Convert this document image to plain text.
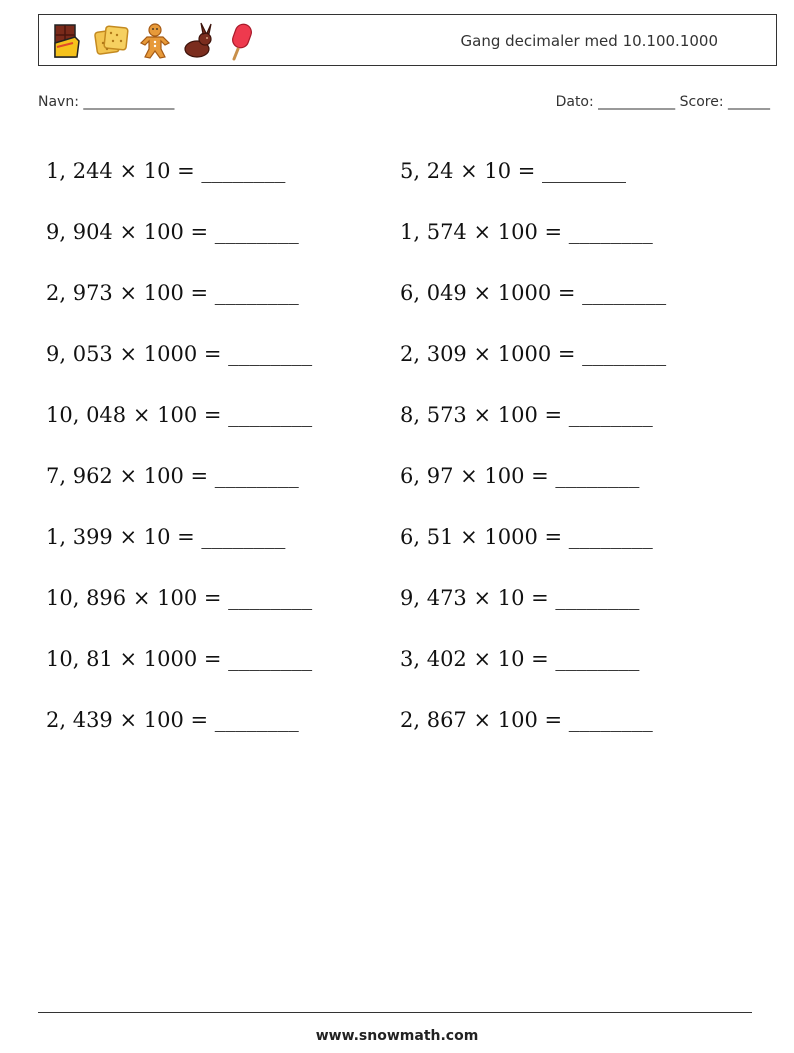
Gang decimaler med 10.100.1000
Navn: _____________	Dato: ___________ Score: ______
1, 244 × 10 = ________	5, 24 × 10 = ________
9, 904 × 100 = ________	1, 574 × 100 = ________
2, 973 × 100 = ________	6, 049 × 1000 = ________
9, 053 × 1000 = ________	2, 309 × 1000 = ________
10, 048 × 100 = ________	8, 573 × 100 = ________
7, 962 × 100 = ________	6, 97 × 100 = ________
1, 399 × 10 = ________	6, 51 × 1000 = ________
10, 896 × 100 = ________	9, 473 × 10 = ________
10, 81 × 1000 = ________	3, 402 × 10 = ________
2, 439 × 100 = ________	2, 867 × 100 = ________
www.snowmath.com
